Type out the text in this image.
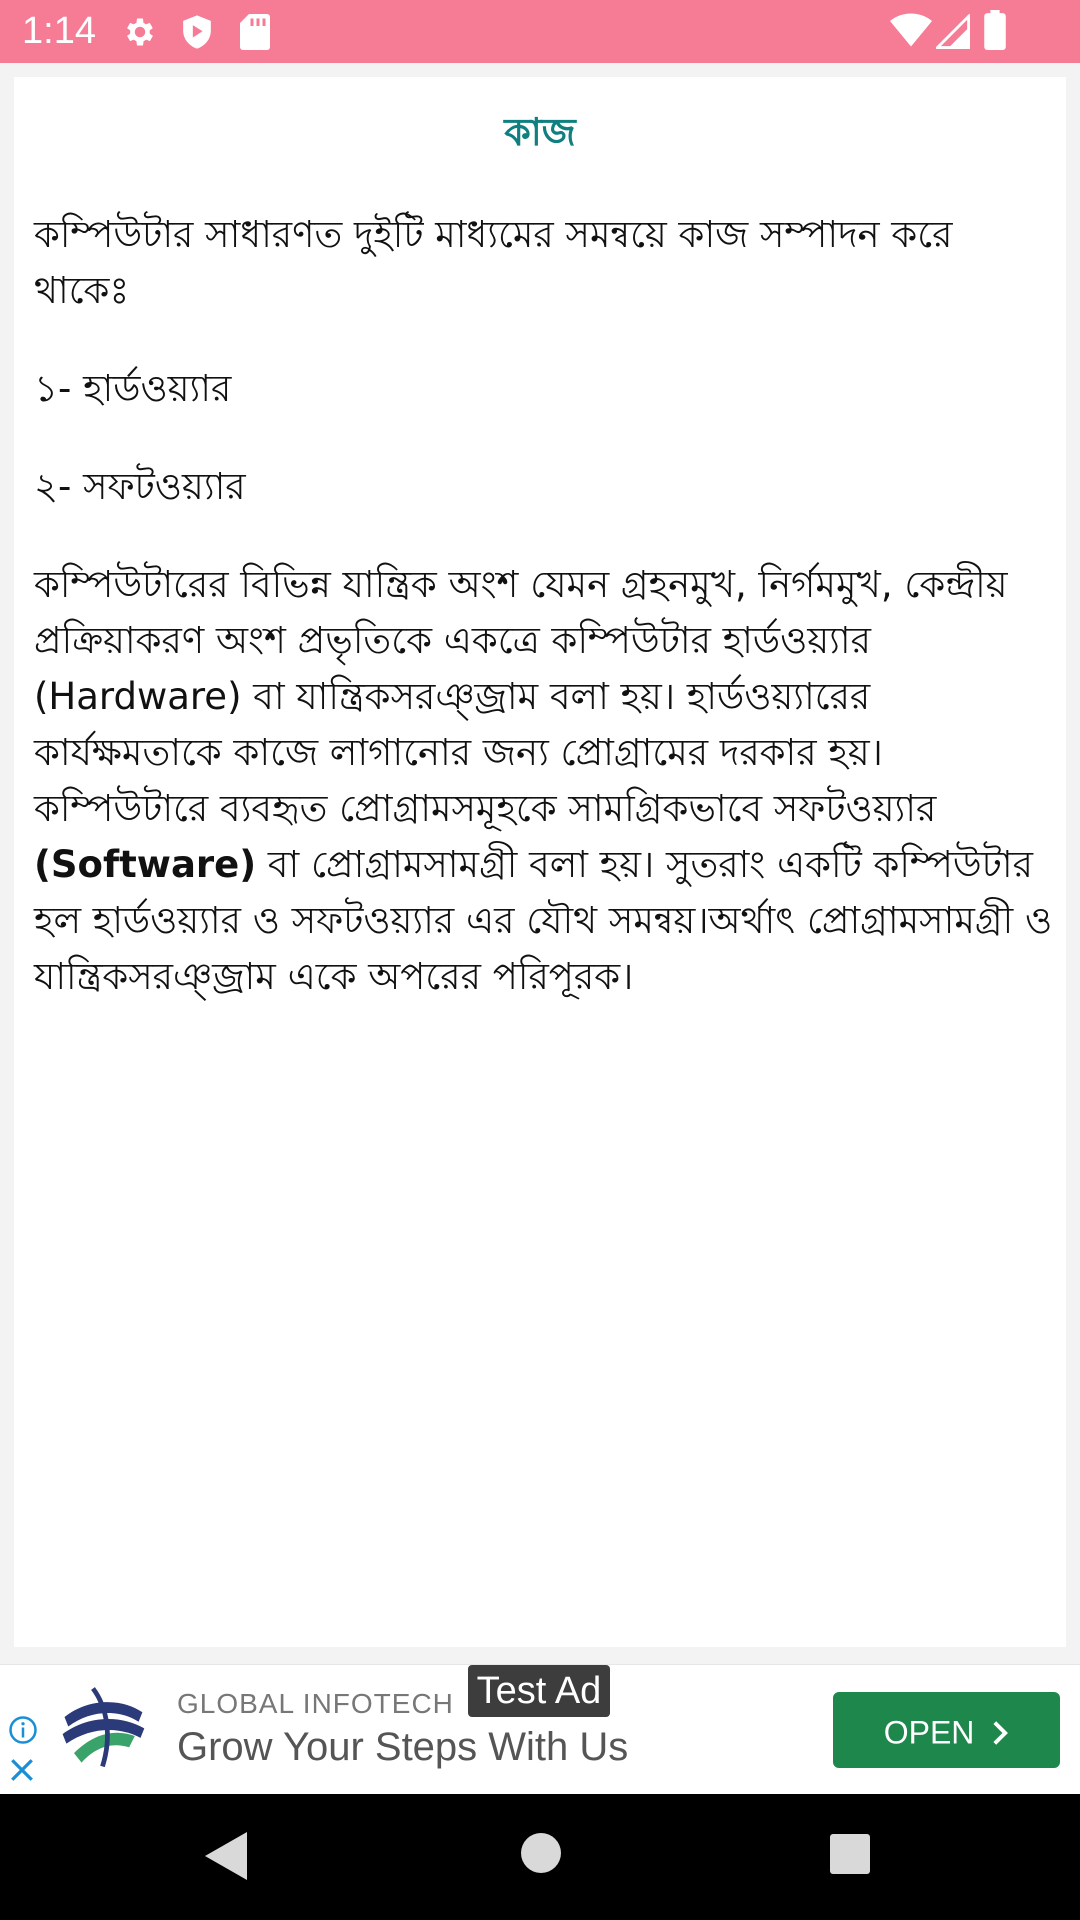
1:14
কাজ

কম্পিউটার সাধারণত দুইটি মাধ্যমের সমন্বয়ে কাজ সম্পাদন করে থাকেঃ

১- হার্ডওয়্যার

২- সফটওয়্যার

কম্পিউটারের বিভিন্ন যান্ত্রিক অংশ যেমন গ্রহনমুখ, নির্গমমুখ, কেন্দ্রীয় প্রক্রিয়াকরণ অংশ প্রভৃতিকে একত্রে কম্পিউটার হার্ডওয়্যার (Hardware) বা যান্ত্রিকসরঞ্জ্রাম বলা হয়। হার্ডওয়্যারের কার্যক্ষমতাকে কাজে লাগানোর জন্য প্রোগ্রামের দরকার হয়। কম্পিউটারে ব্যবহৃত প্রোগ্রামসমূহকে সামগ্রিকভাবে সফটওয়্যার (Software) বা প্রোগ্রামসামগ্রী বলা হয়। সুতরাং একটি কম্পিউটার হল হার্ডওয়্যার ও সফটওয়্যার এর যৌথ সমন্বয়।অর্থাৎ প্রোগ্রামসামগ্রী ও যান্ত্রিকসরঞ্জ্রাম একে অপরের পরিপূরক।

GLOBAL INFOTECH
Grow Your Steps With Us
Test Ad
OPEN
